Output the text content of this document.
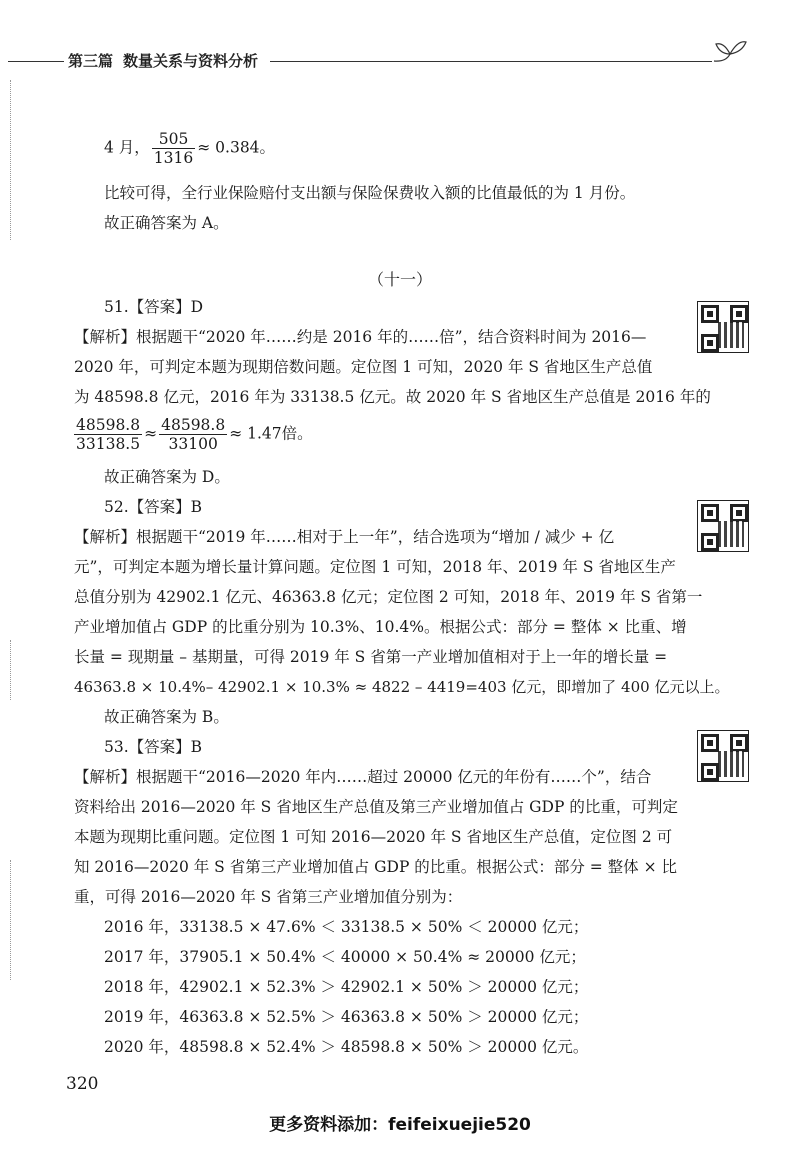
第三篇 数量关系与资料分析
4 月， $\frac{505}{1316} \approx 0.384$。
比较可得，全行业保险赔付支出额与保险保费收入额的比值最低的为 1 月份。
故正确答案为 A。
（十一）
51.【答案】D
【解析】根据题干“2020 年……约是 2016 年的……倍”，结合资料时间为 2016—
2020 年，可判定本题为现期倍数问题。定位图 1 可知，2020 年 S 省地区生产总值
为 48598.8 亿元，2016 年为 33138.5 亿元。故 2020 年 S 省地区生产总值是 2016 年的
$\frac{48598.8}{33138.5} \approx \frac{48598.8}{33100} \approx 1.47$倍。
故正确答案为 D。
52.【答案】B
【解析】根据题干“2019 年……相对于上一年”，结合选项为“增加 / 减少 + 亿
元”，可判定本题为增长量计算问题。定位图 1 可知，2018 年、2019 年 S 省地区生产
总值分别为 42902.1 亿元、46363.8 亿元；定位图 2 可知，2018 年、2019 年 S 省第一
产业增加值占 GDP 的比重分别为 10.3%、10.4%。根据公式：部分 = 整体 × 比重、增
长量 = 现期量 – 基期量，可得 2019 年 S 省第一产业增加值相对于上一年的增长量 =
46363.8 × 10.4%– 42902.1 × 10.3% ≈ 4822 – 4419=403 亿元，即增加了 400 亿元以上。
故正确答案为 B。
53.【答案】B
【解析】根据题干“2016—2020 年内……超过 20000 亿元的年份有……个”，结合
资料给出 2016—2020 年 S 省地区生产总值及第三产业增加值占 GDP 的比重，可判定
本题为现期比重问题。定位图 1 可知 2016—2020 年 S 省地区生产总值，定位图 2 可
知 2016—2020 年 S 省第三产业增加值占 GDP 的比重。根据公式：部分 = 整体 × 比
重，可得 2016—2020 年 S 省第三产业增加值分别为：
2016 年，33138.5 × 47.6% ＜ 33138.5 × 50% ＜ 20000 亿元；
2017 年，37905.1 × 50.4% ＜ 40000 × 50.4% ≈ 20000 亿元；
2018 年，42902.1 × 52.3% ＞ 42902.1 × 50% ＞ 20000 亿元；
2019 年，46363.8 × 52.5% ＞ 46363.8 × 50% ＞ 20000 亿元；
2020 年，48598.8 × 52.4% ＞ 48598.8 × 50% ＞ 20000 亿元。
320
更多资料添加：feifeixuejie520
